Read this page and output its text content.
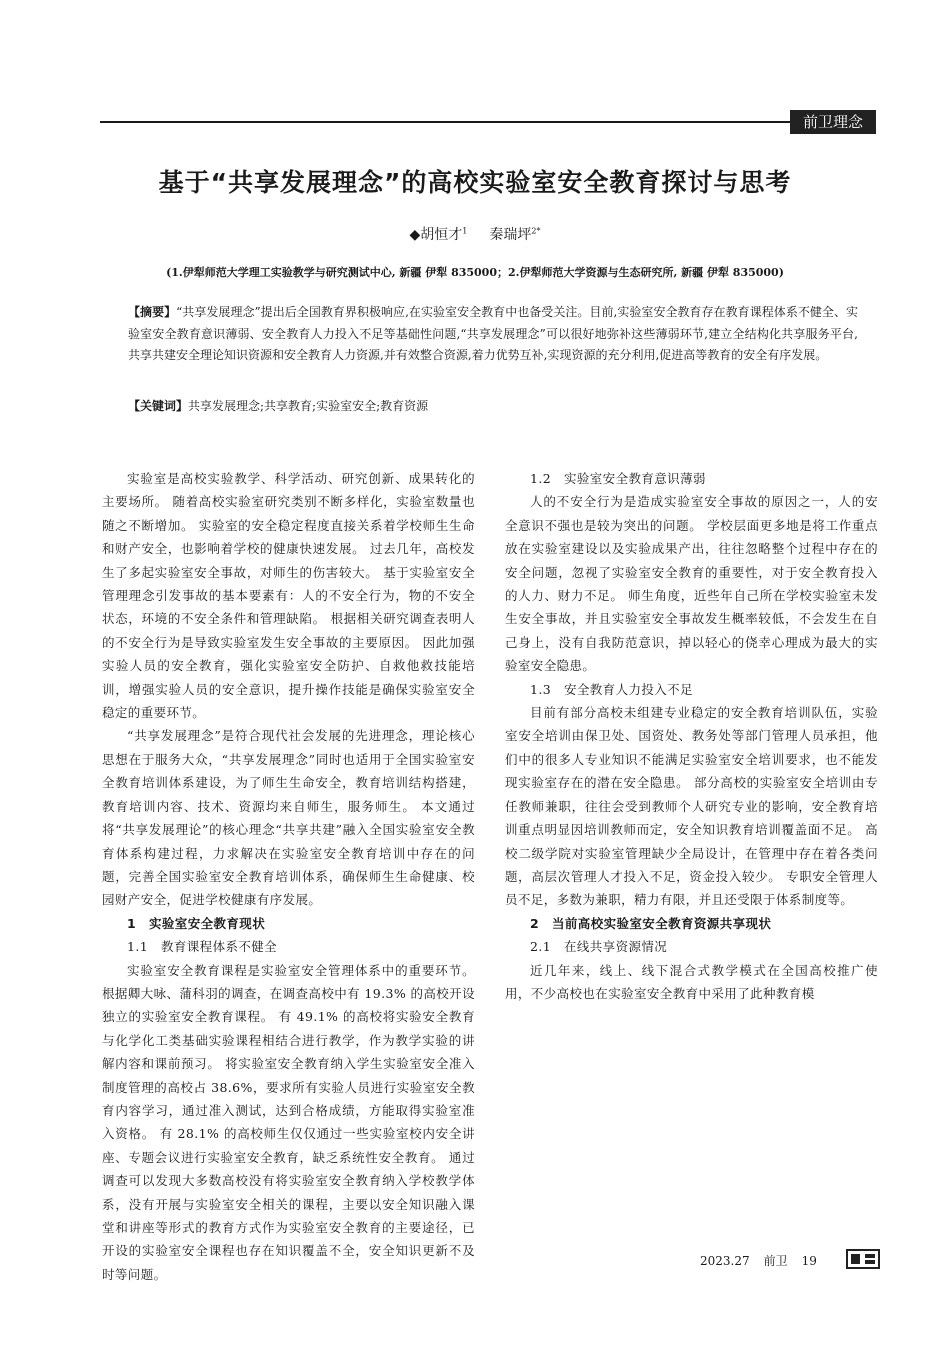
前卫理念
基于“共享发展理念”的高校实验室安全教育探讨与思考
◆胡恒才$^1$ 秦瑞坪$^{2*}$
(1.伊犁师范大学理工实验教学与研究测试中心, 新疆 伊犁 835000；2.伊犁师范大学资源与生态研究所, 新疆 伊犁 835000)
【摘要】“共享发展理念”提出后全国教育界积极响应,在实验室安全教育中也备受关注。目前,实验室安全教育存在教育课程体系不健全、实验室安全教育意识薄弱、安全教育人力投入不足等基础性问题,“共享发展理念”可以很好地弥补这些薄弱环节,建立全结构化共享服务平台,共享共建安全理论知识资源和安全教育人力资源,并有效整合资源,着力优势互补,实现资源的充分利用,促进高等教育的安全有序发展。
【关键词】共享发展理念;共享教育;实验室安全;教育资源

实验室是高校实验教学、科学活动、研究创新、成果转化的主要场所。 随着高校实验室研究类别不断多样化，实验室数量也随之不断增加。 实验室的安全稳定程度直接关系着学校师生生命和财产安全，也影响着学校的健康快速发展。 过去几年，高校发生了多起实验室安全事故，对师生的伤害较大。 基于实验室安全管理理念引发事故的基本要素有：人的不安全行为，物的不安全状态，环境的不安全条件和管理缺陷。 根据相关研究调查表明人的不安全行为是导致实验室发生安全事故的主要原因。 因此加强实验人员的安全教育，强化实验室安全防护、自救他救技能培训，增强实验人员的安全意识，提升操作技能是确保实验室安全稳定的重要环节。

“共享发展理念”是符合现代社会发展的先进理念，理论核心思想在于服务大众，“共享发展理念”同时也适用于全国实验室安全教育培训体系建设，为了师生生命安全，教育培训结构搭建，教育培训内容、技术、资源均来自师生，服务师生。 本文通过将“共享发展理论”的核心理念“共享共建”融入全国实验室安全教育体系构建过程，力求解决在实验室安全教育培训中存在的问题，完善全国实验室安全教育培训体系，确保师生生命健康、校园财产安全，促进学校健康有序发展。

1　实验室安全教育现状
1.1　教育课程体系不健全

实验室安全教育课程是实验室安全管理体系中的重要环节。 根据卿大咏、蒲科羽的调查，在调查高校中有 19.3% 的高校开设独立的实验室安全教育课程。 有 49.1% 的高校将实验安全教育与化学化工类基础实验课程相结合进行教学，作为教学实验的讲解内容和课前预习。 将实验室安全教育纳入学生实验室安全准入制度管理的高校占 38.6%，要求所有实验人员进行实验室安全教育内容学习，通过准入测试，达到合格成绩，方能取得实验室准入资格。 有 28.1% 的高校师生仅仅通过一些实验室校内安全讲座、专题会议进行实验室安全教育，缺乏系统性安全教育。 通过调查可以发现大多数高校没有将实验室安全教育纳入学校教学体系，没有开展与实验室安全相关的课程，主要以安全知识融入课堂和讲座等形式的教育方式作为实验室安全教育的主要途径，已开设的实验室安全课程也存在知识覆盖不全，安全知识更新不及时等问题。

1.2　实验室安全教育意识薄弱

人的不安全行为是造成实验室安全事故的原因之一，人的安全意识不强也是较为突出的问题。 学校层面更多地是将工作重点放在实验室建设以及实验成果产出，往往忽略整个过程中存在的安全问题，忽视了实验室安全教育的重要性，对于安全教育投入的人力、财力不足。 师生角度，近些年自己所在学校实验室未发生安全事故，并且实验室安全事故发生概率较低，不会发生在自己身上，没有自我防范意识，掉以轻心的侥幸心理成为最大的实验室安全隐患。

1.3　安全教育人力投入不足

目前有部分高校未组建专业稳定的安全教育培训队伍，实验室安全培训由保卫处、国资处、教务处等部门管理人员承担，他们中的很多人专业知识不能满足实验室安全培训要求，也不能发现实验室存在的潜在安全隐患。 部分高校的实验室安全培训由专任教师兼职，往往会受到教师个人研究专业的影响，安全教育培训重点明显因培训教师而定，安全知识教育培训覆盖面不足。 高校二级学院对实验室管理缺少全局设计，在管理中存在着各类问题，高层次管理人才投入不足，资金投入较少。 专职安全管理人员不足，多数为兼职，精力有限，并且还受限于体系制度等。

2　当前高校实验室安全教育资源共享现状
2.1　在线共享资源情况

近几年来，线上、线下混合式教学模式在全国高校推广使用，不少高校也在实验室安全教育中采用了此种教育模

2023.27 前卫 19
